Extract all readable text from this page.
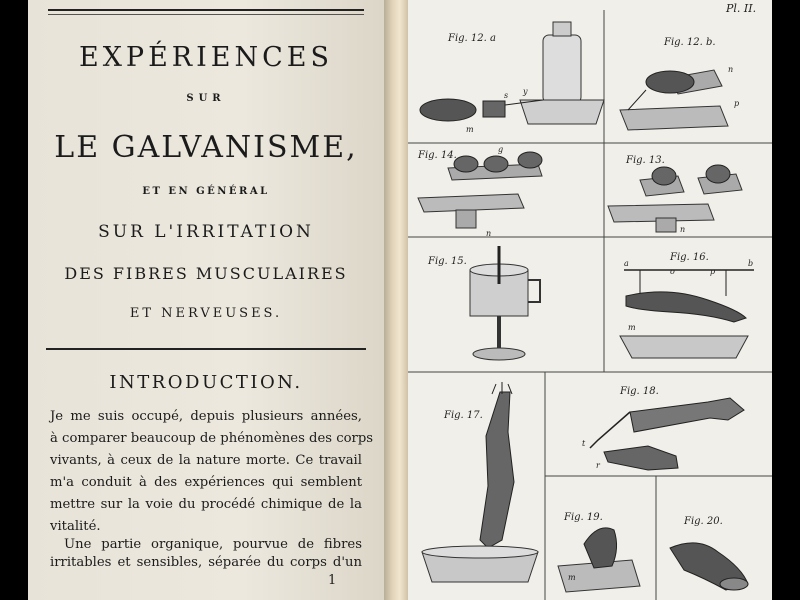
EXPÉRIENCES
SUR
LE GALVANISME,
ET EN GÉNÉRAL
SUR L'IRRITATION
DES FIBRES MUSCULAIRES
ET NERVEUSES.
INTRODUCTION.
Je me suis occupé, depuis plusieurs années,
à comparer beaucoup de phénomènes des corps
vivants, à ceux de la nature morte. Ce travail
m'a conduit à des expériences qui semblent
mettre sur la voie du procédé chimique de la
vitalité.
Une partie organique, pourvue de fibres
irritables et sensibles, séparée du corps d'un
1
s y
m
n
p
g
n	n
a	b
o	p
m
t
r
m
Pl. II.
Fig. 12. a	Fig. 12. b.
Fig. 14.	Fig. 13.
Fig. 15.	Fig. 16.
Fig. 17.
Fig. 18.
Fig. 19.	Fig. 20.
